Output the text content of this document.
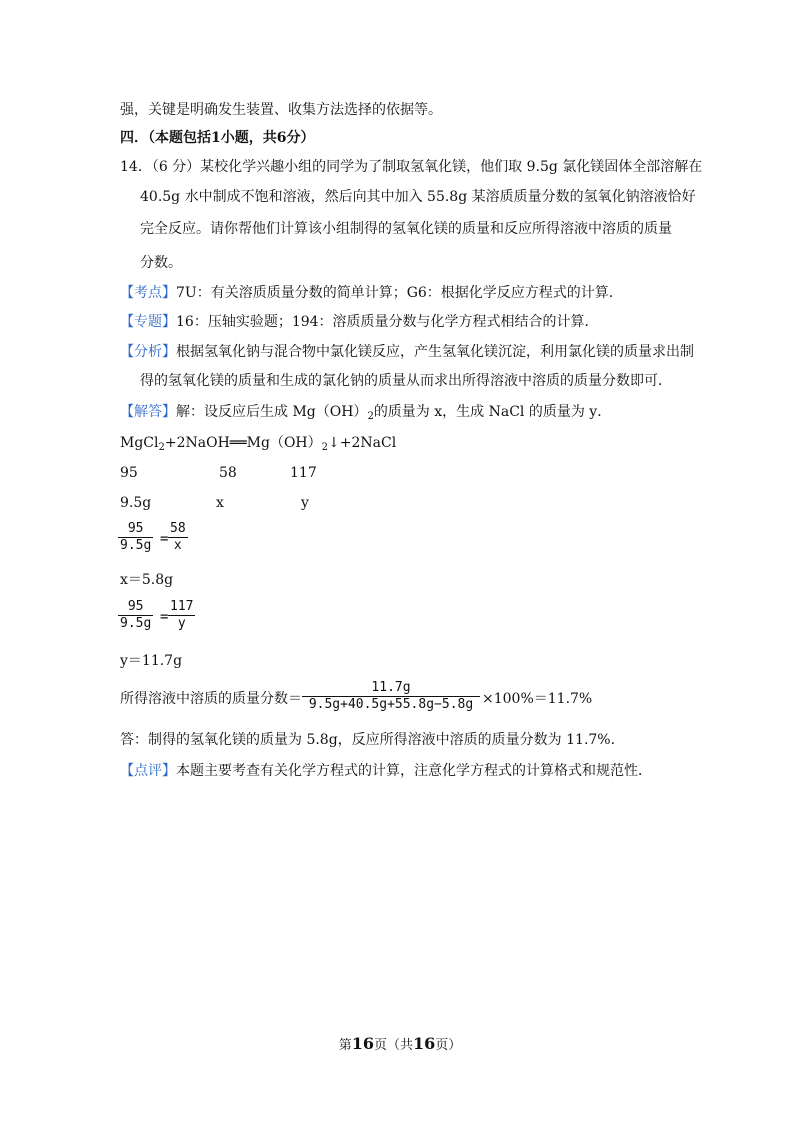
强，关键是明确发生装置、收集方法选择的依据等。
四．（本题包括1小题，共6分）
14．（6 分）某校化学兴趣小组的同学为了制取氢氧化镁，他们取 9.5g 氯化镁固体全部溶解在
40.5g 水中制成不饱和溶液，然后向其中加入 55.8g 某溶质质量分数的氢氧化钠溶液恰好
完全反应。请你帮他们计算该小组制得的氢氧化镁的质量和反应所得溶液中溶质的质量
分数。
【考点】7U：有关溶质质量分数的简单计算；G6：根据化学反应方程式的计算．
【专题】16：压轴实验题；194：溶质质量分数与化学方程式相结合的计算．
【分析】根据氢氧化钠与混合物中氯化镁反应，产生氢氧化镁沉淀，利用氯化镁的质量求出制
得的氢氧化镁的质量和生成的氯化钠的质量从而求出所得溶液中溶质的质量分数即可．
【解答】解：设反应后生成 $Mg(OH)_2$的质量为 x，生成 NaCl 的质量为 y．
$MgCl_2+2NaOH══Mg(OH)_2↓+2NaCl$
95	58	117
9.5g	x	y
95
9.5g =
58
x
x＝5.8g
95
9.5g =
117
y
y＝11.7g
所得溶液中溶质的质量分数＝
11.7g
9.5g+40.5g+55.8g−5.8g ×100%＝11.7%
答：制得的氢氧化镁的质量为 5.8g，反应所得溶液中溶质的质量分数为 11.7%.
【点评】本题主要考查有关化学方程式的计算，注意化学方程式的计算格式和规范性．
第16页（共16页）
